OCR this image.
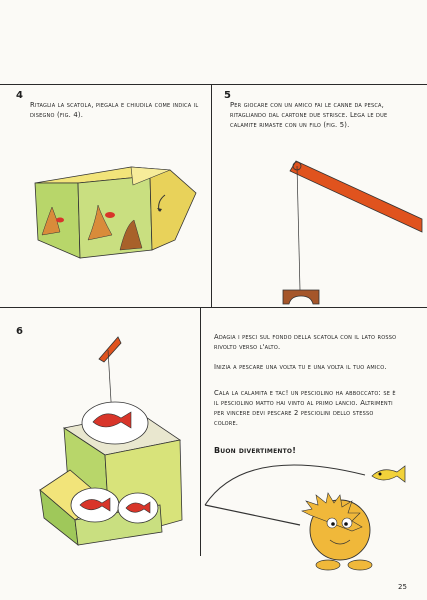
4
Ritaglia la scatola, piegala e chiudila come indica il disegno (fig. 4).
5
Per giocare con un amico fai le canne da pesca, ritagliando dal cartone due strisce. Lega le due calamite rimaste con un filo (fig. 5).
6	Adagia i pesci sul fondo della scatola con il lato rosso rivolto verso l'alto.
Inizia a pescare una volta tu e una volta il tuo amico.
Cala la calamita e tac! un pesciolino ha abboccato: se è il pesciolino matto hai vinto al primo lancio. Altrimenti per vincere devi pescare 2 pesciolini dello stesso colore.
Buon divertimento!
25
